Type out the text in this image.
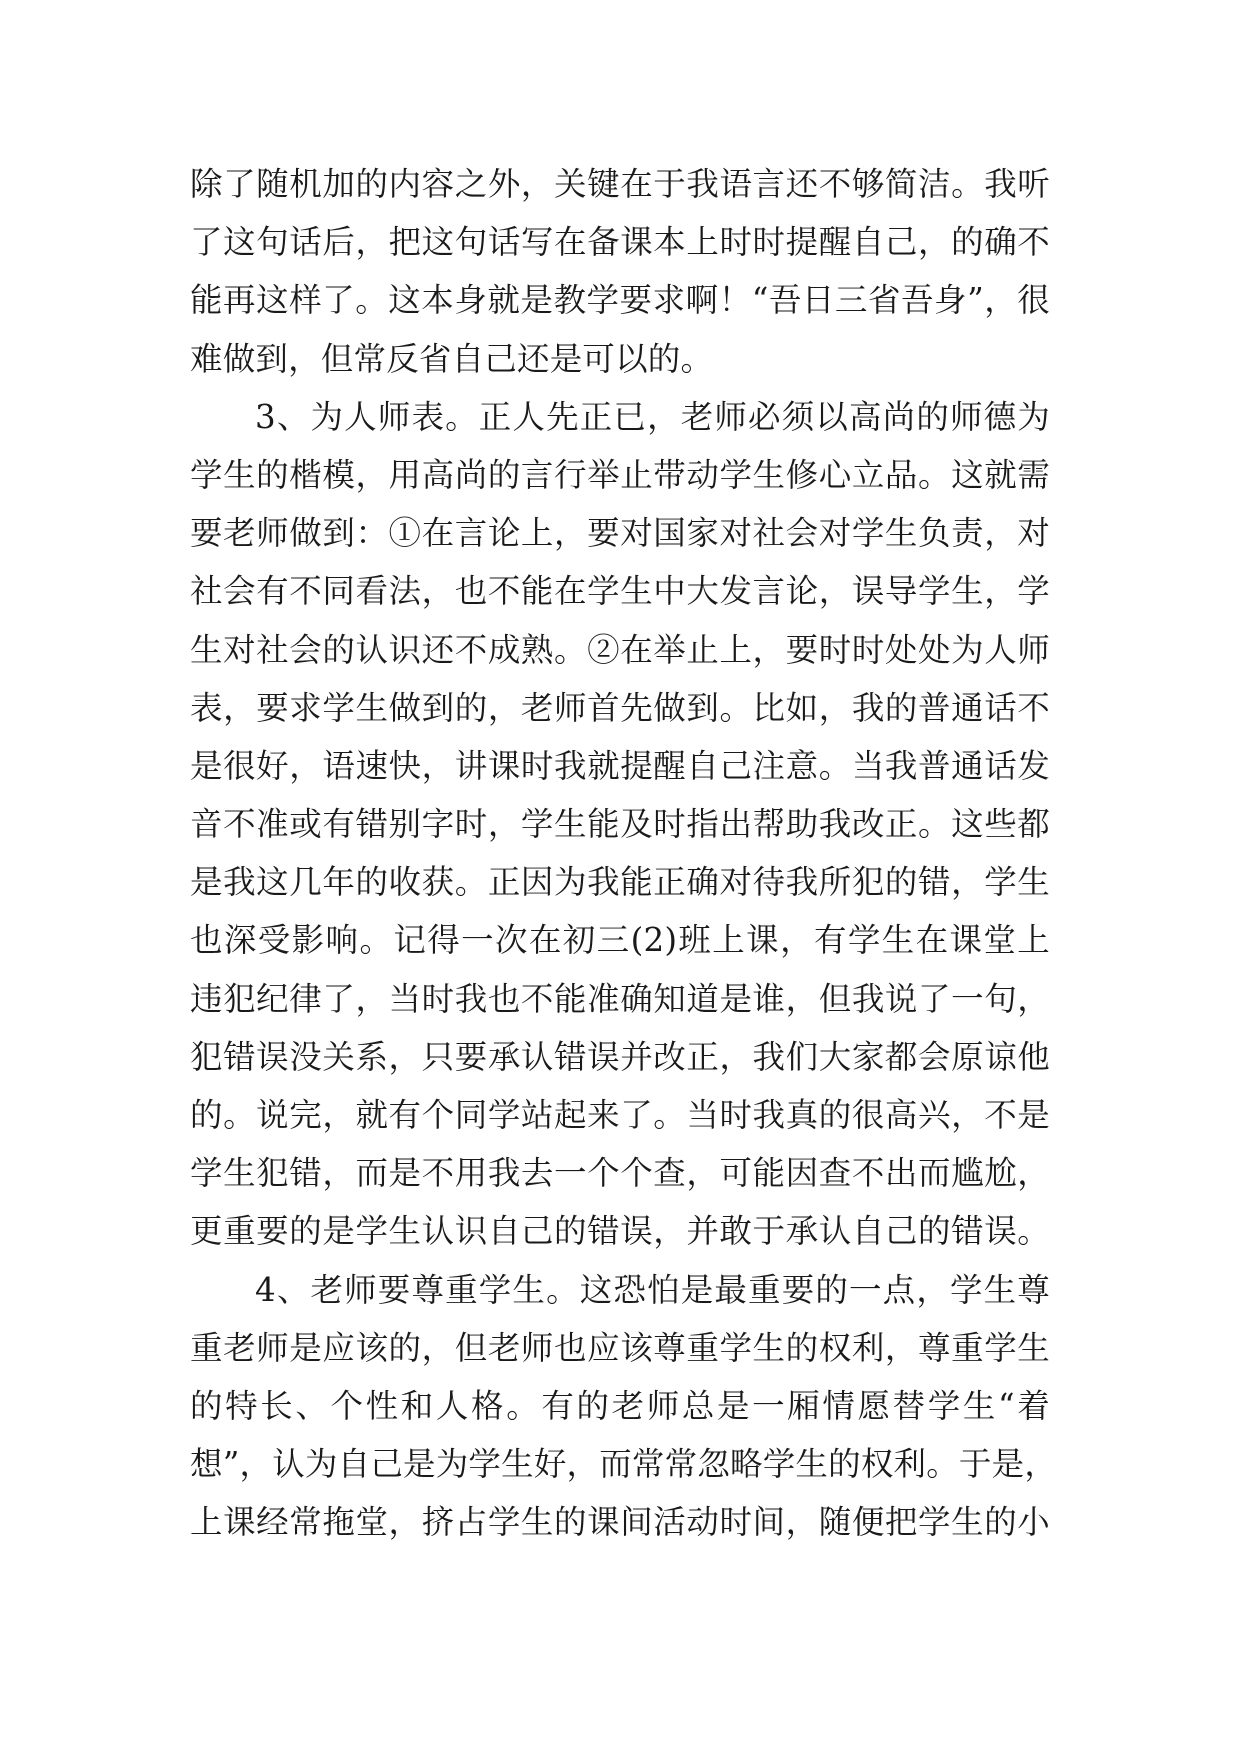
除了随机加的内容之外，关键在于我语言还不够简洁。我听
了这句话后，把这句话写在备课本上时时提醒自己，的确不
能再这样了。这本身就是教学要求啊！“吾日三省吾身”，很
难做到，但常反省自己还是可以的。
3、为人师表。正人先正已，老师必须以高尚的师德为
学生的楷模，用高尚的言行举止带动学生修心立品。这就需
要老师做到：①在言论上，要对国家对社会对学生负责，对
社会有不同看法，也不能在学生中大发言论，误导学生，学
生对社会的认识还不成熟。②在举止上，要时时处处为人师
表，要求学生做到的，老师首先做到。比如，我的普通话不
是很好，语速快，讲课时我就提醒自己注意。当我普通话发
音不准或有错别字时，学生能及时指出帮助我改正。这些都
是我这几年的收获。正因为我能正确对待我所犯的错，学生
也深受影响。记得一次在初三(2)班上课，有学生在课堂上
违犯纪律了，当时我也不能准确知道是谁，但我说了一句，
犯错误没关系，只要承认错误并改正，我们大家都会原谅他
的。说完，就有个同学站起来了。当时我真的很高兴，不是
学生犯错，而是不用我去一个个查，可能因查不出而尴尬，
更重要的是学生认识自己的错误，并敢于承认自己的错误。
4、老师要尊重学生。这恐怕是最重要的一点，学生尊
重老师是应该的，但老师也应该尊重学生的权利，尊重学生
的特长、个性和人格。有的老师总是一厢情愿替学生“着
想”，认为自己是为学生好，而常常忽略学生的权利。于是，
上课经常拖堂，挤占学生的课间活动时间，随便把学生的小
